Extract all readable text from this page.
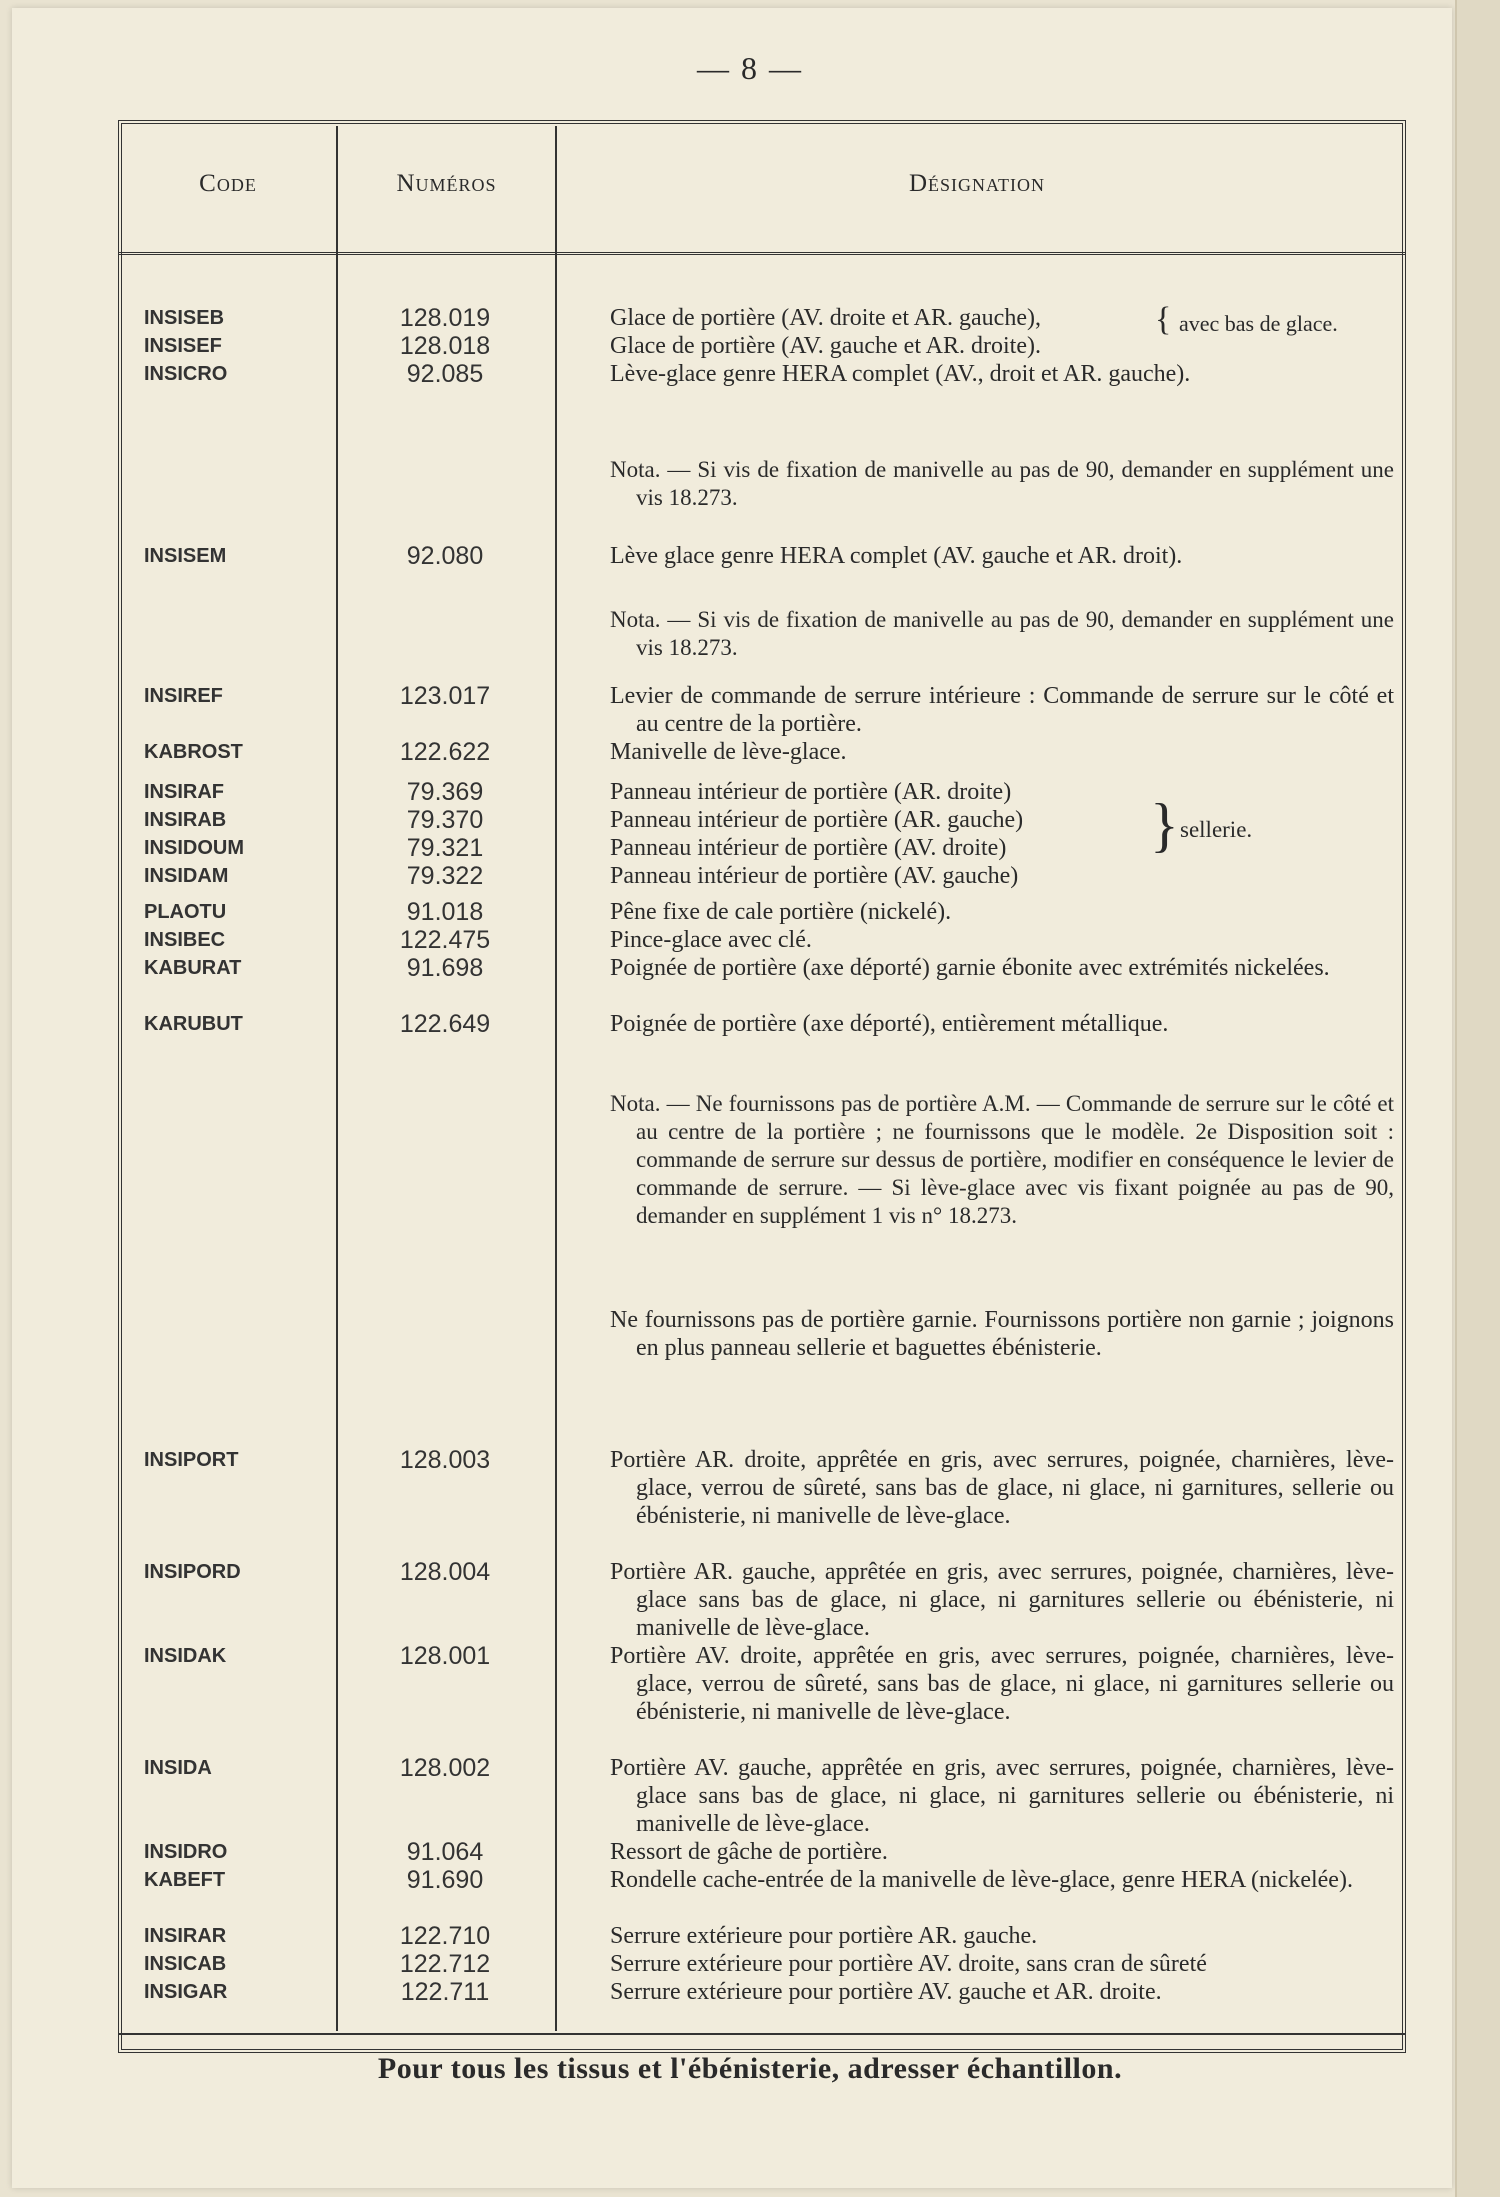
— 8 —
Code	Numéros	Désignation
INSISEB	128.019	Glace de portière (AV. droite et AR. gauche),
INSISEF	128.018	Glace de portière (AV. gauche et AR. droite).
{ avec bas de glace.
INSICRO	92.085	Lève-glace genre HERA complet (AV., droit et AR. gauche).
Nota. — Si vis de fixation de manivelle au pas de 90, demander en supplément une vis 18.273.
INSISEM	92.080	Lève glace genre HERA complet (AV. gauche et AR. droit).
Nota. — Si vis de fixation de manivelle au pas de 90, demander en supplément une vis 18.273.
INSIREF	123.017	Levier de commande de serrure intérieure : Commande de serrure sur le côté et au centre de la portière.
KABROST	122.622	Manivelle de lève-glace.
INSIRAF	79.369	Panneau intérieur de portière (AR. droite)
INSIRAB	79.370	Panneau intérieur de portière (AR. gauche)
INSIDOUM	79.321	Panneau intérieur de portière (AV. droite)
INSIDAM	79.322	Panneau intérieur de portière (AV. gauche)
} sellerie.
PLAOTU	91.018	Pêne fixe de cale portière (nickelé).
INSIBEC	122.475	Pince-glace avec clé.
KABURAT	91.698	Poignée de portière (axe déporté) garnie ébonite avec extrémités nickelées.
KARUBUT	122.649	Poignée de portière (axe déporté), entièrement métallique.
Nota. — Ne fournissons pas de portière A.M. — Commande de serrure sur le côté et au centre de la portière ; ne fournissons que le modèle. 2e Disposition soit : commande de serrure sur dessus de portière, modifier en conséquence le levier de commande de serrure. — Si lève-glace avec vis fixant poignée au pas de 90, demander en supplément 1 vis n° 18.273.
Ne fournissons pas de portière garnie. Fournissons portière non garnie ; joignons en plus panneau sellerie et baguettes ébénisterie.
INSIPORT	128.003	Portière AR. droite, apprêtée en gris, avec serrures, poignée, charnières, lève-glace, verrou de sûreté, sans bas de glace, ni glace, ni garnitures, sellerie ou ébénisterie, ni manivelle de lève-glace.
INSIPORD	128.004	Portière AR. gauche, apprêtée en gris, avec serrures, poignée, charnières, lève-glace sans bas de glace, ni glace, ni garnitures sellerie ou ébénisterie, ni manivelle de lève-glace.
INSIDAK	128.001	Portière AV. droite, apprêtée en gris, avec serrures, poignée, charnières, lève-glace, verrou de sûreté, sans bas de glace, ni glace, ni garnitures sellerie ou ébénisterie, ni manivelle de lève-glace.
INSIDA	128.002	Portière AV. gauche, apprêtée en gris, avec serrures, poignée, charnières, lève-glace sans bas de glace, ni glace, ni garnitures sellerie ou ébénisterie, ni manivelle de lève-glace.
INSIDRO	91.064	Ressort de gâche de portière.
KABEFT	91.690	Rondelle cache-entrée de la manivelle de lève-glace, genre HERA (nickelée).
INSIRAR	122.710	Serrure extérieure pour portière AR. gauche.
INSICAB	122.712	Serrure extérieure pour portière AV. droite, sans cran de sûreté
INSIGAR	122.711	Serrure extérieure pour portière AV. gauche et AR. droite.
Pour tous les tissus et l'ébénisterie, adresser échantillon.
